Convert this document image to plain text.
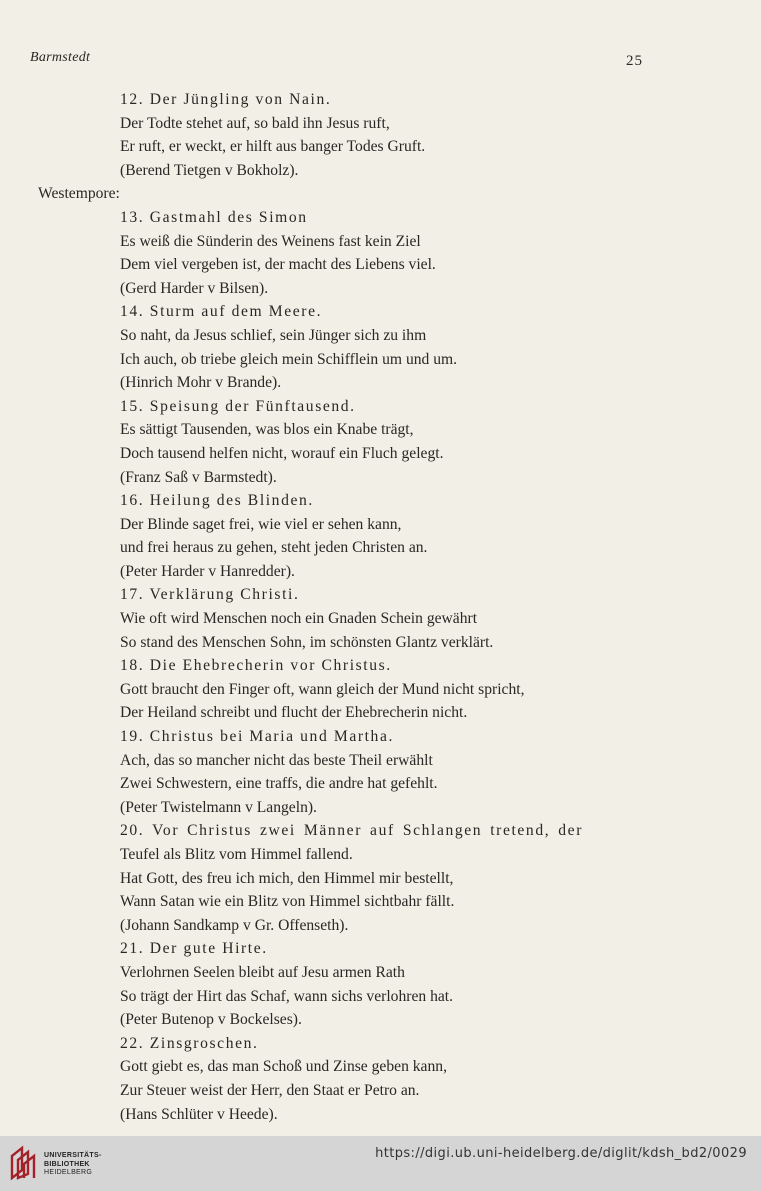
Barmstedt	25
12. Der Jüngling von Nain.
Der Todte stehet auf, so bald ihn Jesus ruft,
Er ruft, er weckt, er hilft aus banger Todes Gruft.
(Berend Tietgen v Bokholz).
Westempore:
13. Gastmahl des Simon
Es weiß die Sünderin des Weinens fast kein Ziel
Dem viel vergeben ist, der macht des Liebens viel.
(Gerd Harder v Bilsen).
14. Sturm auf dem Meere.
So naht, da Jesus schlief, sein Jünger sich zu ihm
Ich auch, ob triebe gleich mein Schifflein um und um.
(Hinrich Mohr v Brande).
15. Speisung der Fünftausend.
Es sättigt Tausenden, was blos ein Knabe trägt,
Doch tausend helfen nicht, worauf ein Fluch gelegt.
(Franz Saß v Barmstedt).
16. Heilung des Blinden.
Der Blinde saget frei, wie viel er sehen kann,
und frei heraus zu gehen, steht jeden Christen an.
(Peter Harder v Hanredder).
17. Verklärung Christi.
Wie oft wird Menschen noch ein Gnaden Schein gewährt
So stand des Menschen Sohn, im schönsten Glantz verklärt.
18. Die Ehebrecherin vor Christus.
Gott braucht den Finger oft, wann gleich der Mund nicht spricht,
Der Heiland schreibt und flucht der Ehebrecherin nicht.
19. Christus bei Maria und Martha.
Ach, das so mancher nicht das beste Theil erwählt
Zwei Schwestern, eine traffs, die andre hat gefehlt.
(Peter Twistelmann v Langeln).
20. Vor Christus zwei Männer auf Schlangen tretend, der
Teufel als Blitz vom Himmel fallend.
Hat Gott, des freu ich mich, den Himmel mir bestellt,
Wann Satan wie ein Blitz von Himmel sichtbahr fällt.
(Johann Sandkamp v Gr. Offenseth).
21. Der gute Hirte.
Verlohrnen Seelen bleibt auf Jesu armen Rath
So trägt der Hirt das Schaf, wann sichs verlohren hat.
(Peter Butenop v Bockelses).
22. Zinsgroschen.
Gott giebt es, das man Schoß und Zinse geben kann,
Zur Steuer weist der Herr, den Staat er Petro an.
(Hans Schlüter v Heede).
UNIVERSITÄTS-
BIBLIOTHEK
HEIDELBERG
https://digi.ub.uni-heidelberg.de/diglit/kdsh_bd2/0029
